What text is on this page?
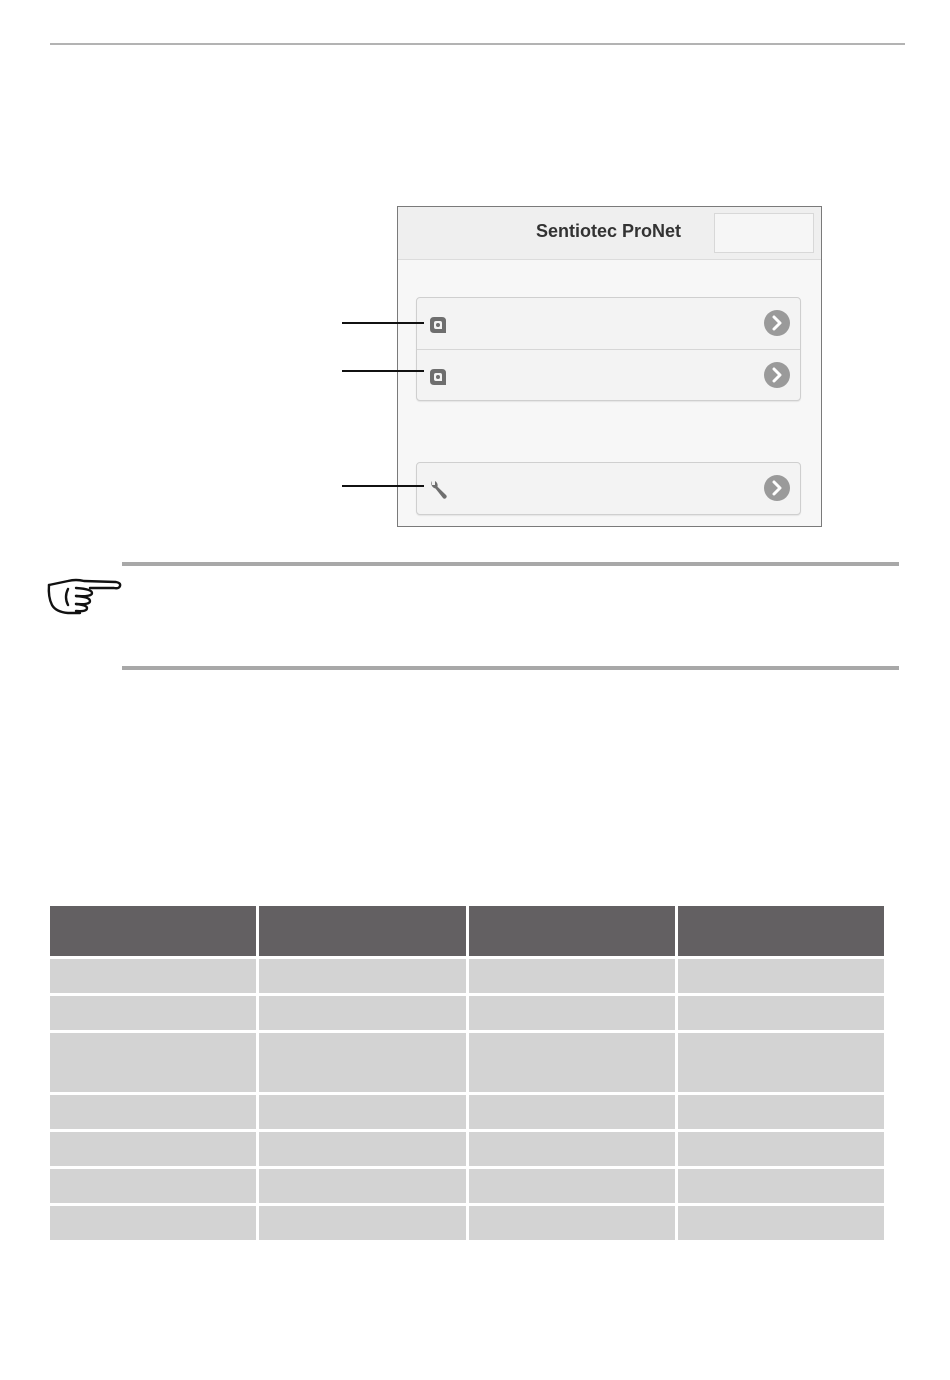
Sentiotec ProNet
